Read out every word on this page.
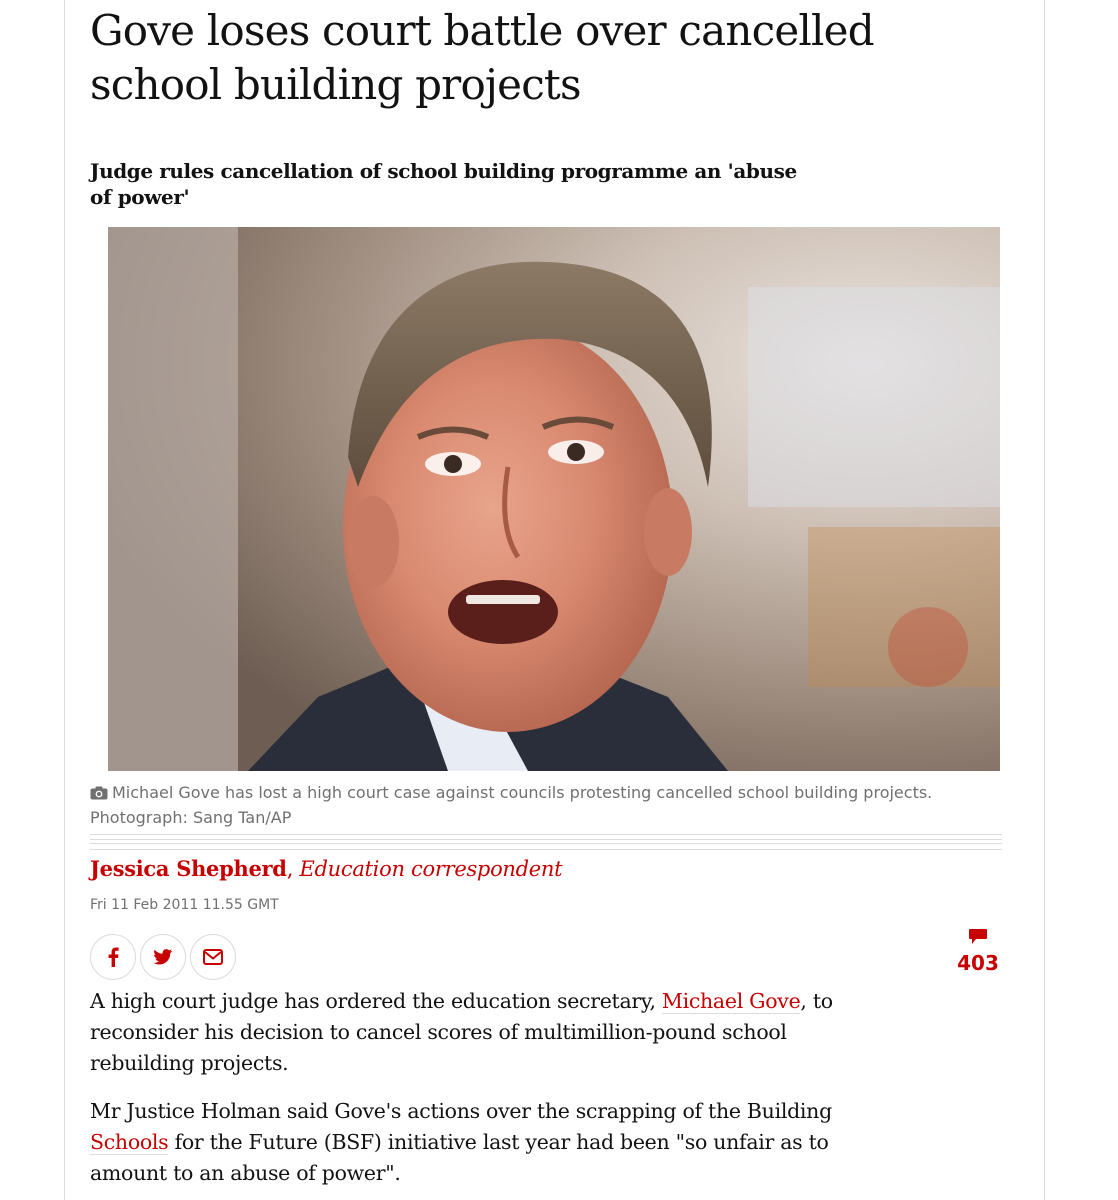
Gove loses court battle over cancelled
school building projects

Judge rules cancellation of school building programme an 'abuse
of power'

Michael Gove has lost a high court case against councils protesting cancelled school building projects.
Photograph: Sang Tan/AP

Jessica Shepherd, Education correspondent
Fri 11 Feb 2011 11.55 GMT
403

A high court judge has ordered the education secretary, Michael Gove, to
reconsider his decision to cancel scores of multimillion-pound school
rebuilding projects.

Mr Justice Holman said Gove's actions over the scrapping of the Building
Schools for the Future (BSF) initiative last year had been "so unfair as to
amount to an abuse of power".
